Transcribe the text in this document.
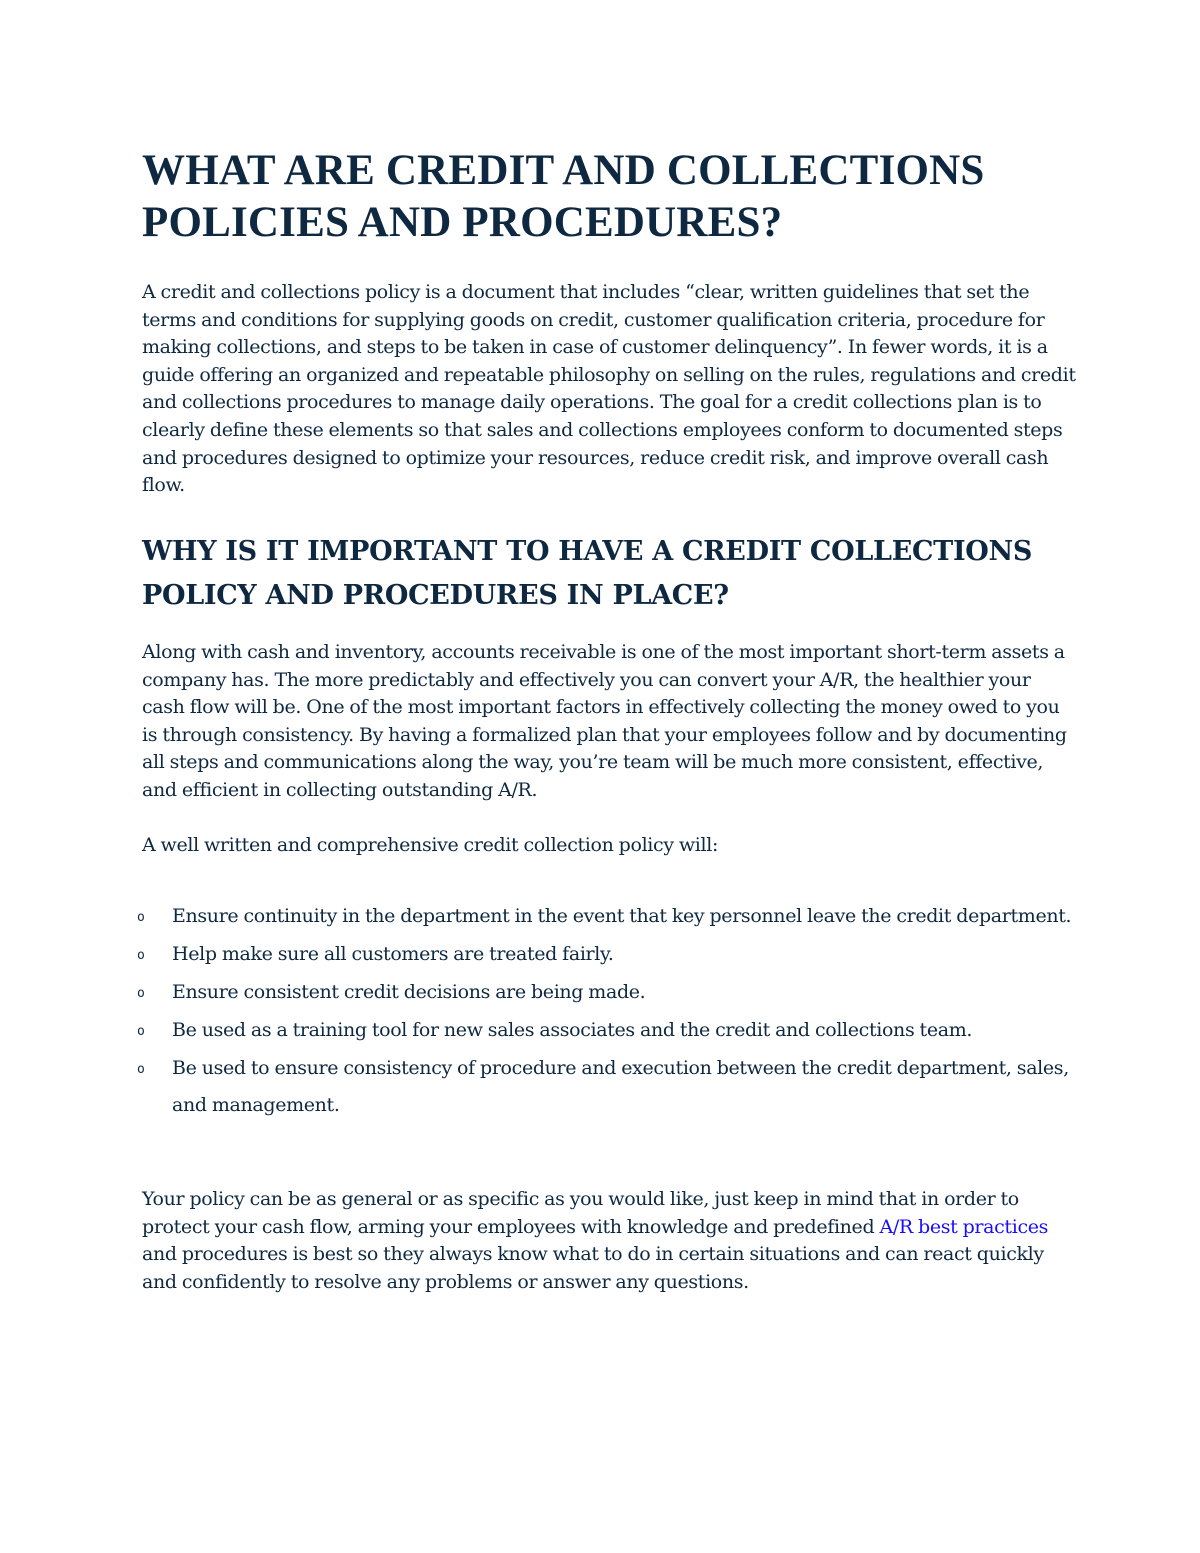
WHAT ARE CREDIT AND COLLECTIONS POLICIES AND PROCEDURES?

A credit and collections policy is a document that includes “clear, written guidelines that set the terms and conditions for supplying goods on credit, customer qualification criteria, procedure for making collections, and steps to be taken in case of customer delinquency”. In fewer words, it is a guide offering an organized and repeatable philosophy on selling on the rules, regulations and credit and collections procedures to manage daily operations. The goal for a credit collections plan is to clearly define these elements so that sales and collections employees conform to documented steps and procedures designed to optimize your resources, reduce credit risk, and improve overall cash flow.

WHY IS IT IMPORTANT TO HAVE A CREDIT COLLECTIONS POLICY AND PROCEDURES IN PLACE?

Along with cash and inventory, accounts receivable is one of the most important short-term assets a company has. The more predictably and effectively you can convert your A/R, the healthier your cash flow will be. One of the most important factors in effectively collecting the money owed to you is through consistency. By having a formalized plan that your employees follow and by documenting all steps and communications along the way, you’re team will be much more consistent, effective, and efficient in collecting outstanding A/R.

A well written and comprehensive credit collection policy will:

o Ensure continuity in the department in the event that key personnel leave the credit department.
o Help make sure all customers are treated fairly.
o Ensure consistent credit decisions are being made.
o Be used as a training tool for new sales associates and the credit and collections team.
o Be used to ensure consistency of procedure and execution between the credit department, sales, and management.

Your policy can be as general or as specific as you would like, just keep in mind that in order to protect your cash flow, arming your employees with knowledge and predefined A/R best practices and procedures is best so they always know what to do in certain situations and can react quickly and confidently to resolve any problems or answer any questions.
